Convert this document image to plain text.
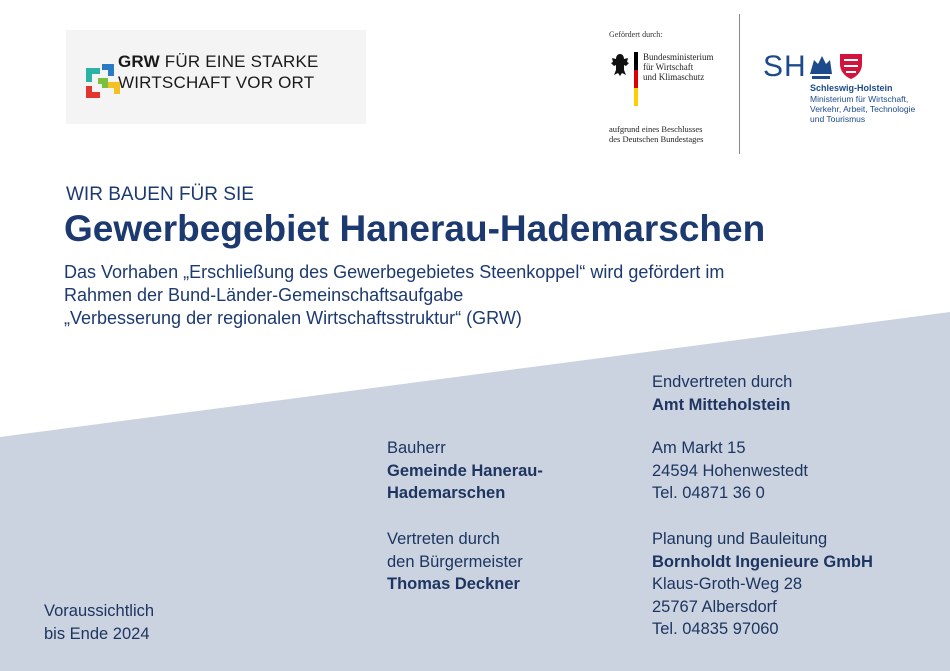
GRW FÜR EINE STARKE
WIRTSCHAFT VOR ORT
Gefördert durch:
Bundesministerium
für Wirtschaft
und Klimaschutz
aufgrund eines Beschlusses
des Deutschen Bundestages
SH
Schleswig-Holstein
Ministerium für Wirtschaft,
Verkehr, Arbeit, Technologie
und Tourismus
WIR BAUEN FÜR SIE
Gewerbegebiet Hanerau-Hademarschen
Das Vorhaben „Erschließung des Gewerbegebietes Steenkoppel“ wird gefördert im
Rahmen der Bund-Länder-Gemeinschaftsaufgabe
„Verbesserung der regionalen Wirtschaftsstruktur“ (GRW)
Endvertreten durch
Amt Mitteholstein
Bauherr
Gemeinde Hanerau-
Hademarschen
Am Markt 15
24594 Hohenwestedt
Tel. 04871 36 0
Vertreten durch
den Bürgermeister
Thomas Deckner
Planung und Bauleitung
Bornholdt Ingenieure GmbH
Klaus-Groth-Weg 28
25767 Albersdorf
Tel. 04835 97060
Voraussichtlich
bis Ende 2024
